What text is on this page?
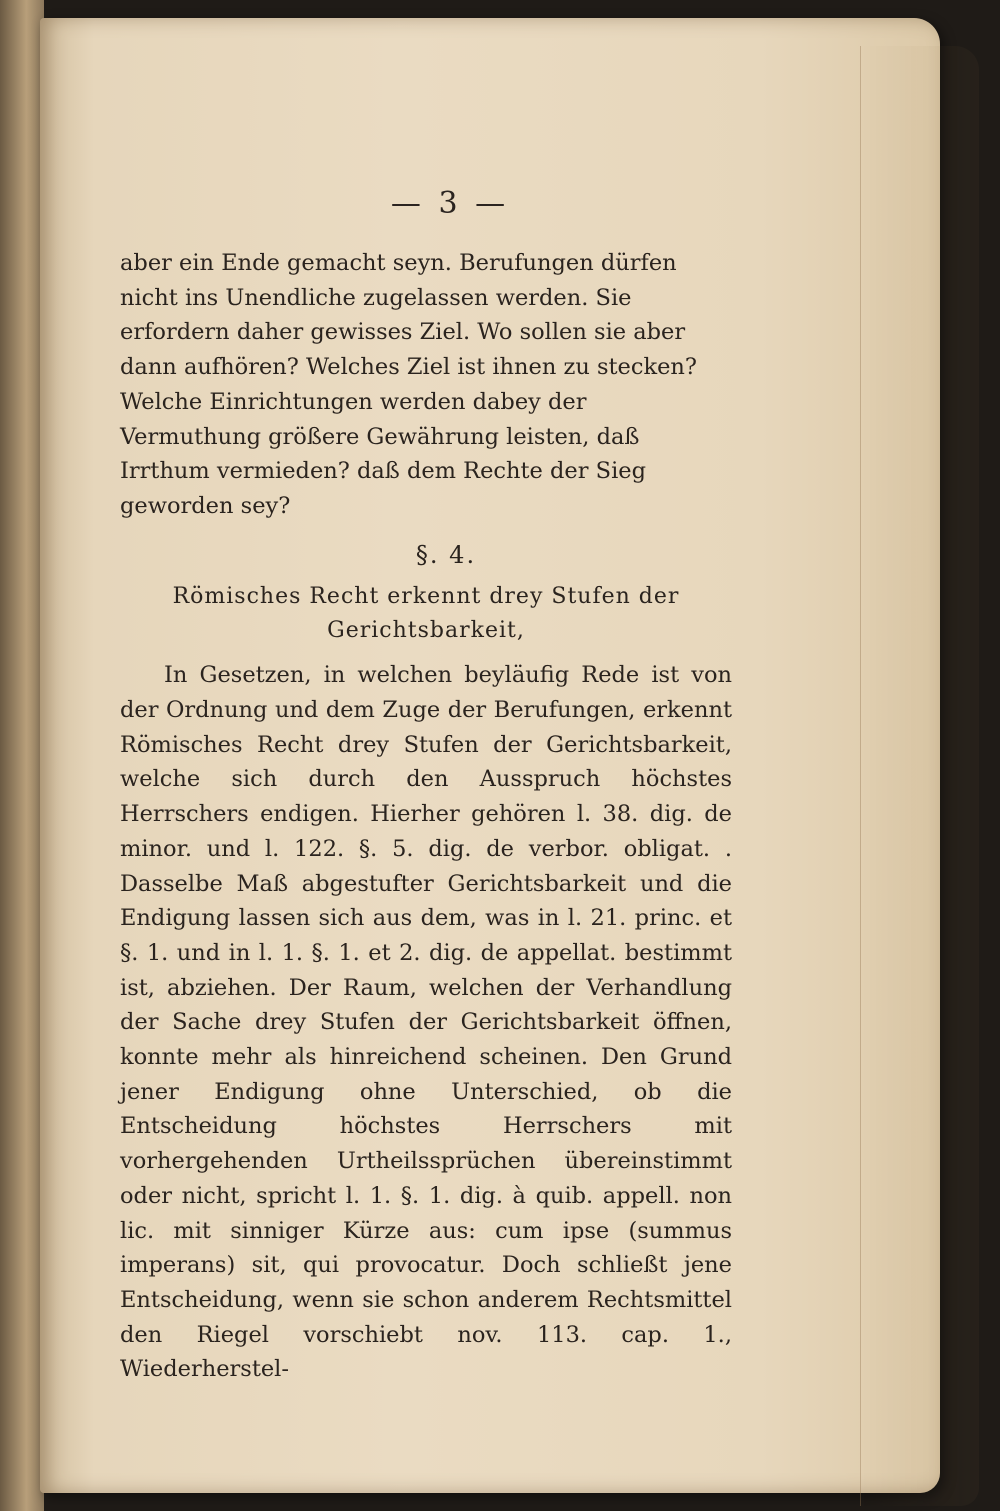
— 3 —

aber ein Ende gemacht seyn. Berufungen dürfen nicht ins Unendliche zugelassen werden. Sie erfordern daher gewisses Ziel. Wo sollen sie aber dann aufhören? Welches Ziel ist ihnen zu stecken? Welche Einrichtungen werden dabey der Vermuthung größere Gewährung leisten, daß Irrthum vermieden? daß dem Rechte der Sieg geworden sey?

§. 4.
Römisches Recht erkennt drey Stufen der Gerichtsbarkeit,

In Gesetzen, in welchen beyläufig Rede ist von der Ordnung und dem Zuge der Berufungen, erkennt Römisches Recht drey Stufen der Gerichtsbarkeit, welche sich durch den Ausspruch höchstes Herrschers endigen. Hierher gehören l. 38. dig. de minor. und l. 122. §. 5. dig. de verbor. obligat. . Dasselbe Maß abgestufter Gerichtsbarkeit und die Endigung lassen sich aus dem, was in l. 21. princ. et §. 1. und in l. 1. §. 1. et 2. dig. de appellat. bestimmt ist, abziehen. Der Raum, welchen der Verhandlung der Sache drey Stufen der Gerichtsbarkeit öffnen, konnte mehr als hinreichend scheinen. Den Grund jener Endigung ohne Unterschied, ob die Entscheidung höchstes Herrschers mit vorhergehenden Urtheilssprüchen übereinstimmt oder nicht, spricht l. 1. §. 1. dig. à quib. appell. non lic. mit sinniger Kürze aus: cum ipse (summus imperans) sit, qui provocatur. Doch schließt jene Entscheidung, wenn sie schon anderem Rechtsmittel den Riegel vorschiebt nov. 113. cap. 1., Wiederherstel-
